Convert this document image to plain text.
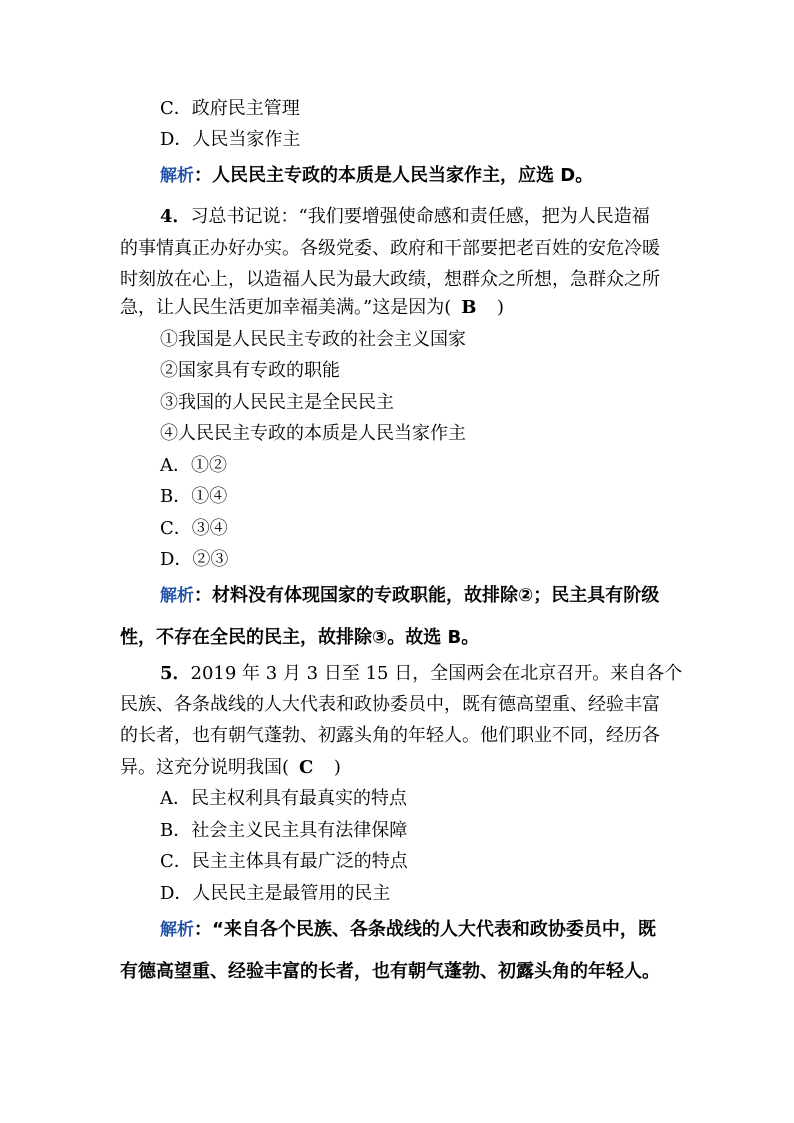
C．政府民主管理
D．人民当家作主
解析：人民民主专政的本质是人民当家作主，应选 D。
4．习总书记说：“我们要增强使命感和责任感，把为人民造福
的事情真正办好办实。各级党委、政府和干部要把老百姓的安危冷暖
时刻放在心上，以造福人民为最大政绩，想群众之所想，急群众之所
急，让人民生活更加幸福美满。”这是因为( B )
①我国是人民民主专政的社会主义国家
②国家具有专政的职能
③我国的人民民主是全民民主
④人民民主专政的本质是人民当家作主
A．①②
B．①④
C．③④
D．②③
解析：材料没有体现国家的专政职能，故排除②；民主具有阶级
性，不存在全民的民主，故排除③。故选 B。
5．2019 年 3 月 3 日至 15 日，全国两会在北京召开。来自各个
民族、各条战线的人大代表和政协委员中，既有德高望重、经验丰富
的长者，也有朝气蓬勃、初露头角的年轻人。他们职业不同，经历各
异。这充分说明我国( C )
A．民主权利具有最真实的特点
B．社会主义民主具有法律保障
C．民主主体具有最广泛的特点
D．人民民主是最管用的民主
解析：“来自各个民族、各条战线的人大代表和政协委员中，既
有德高望重、经验丰富的长者，也有朝气蓬勃、初露头角的年轻人。
